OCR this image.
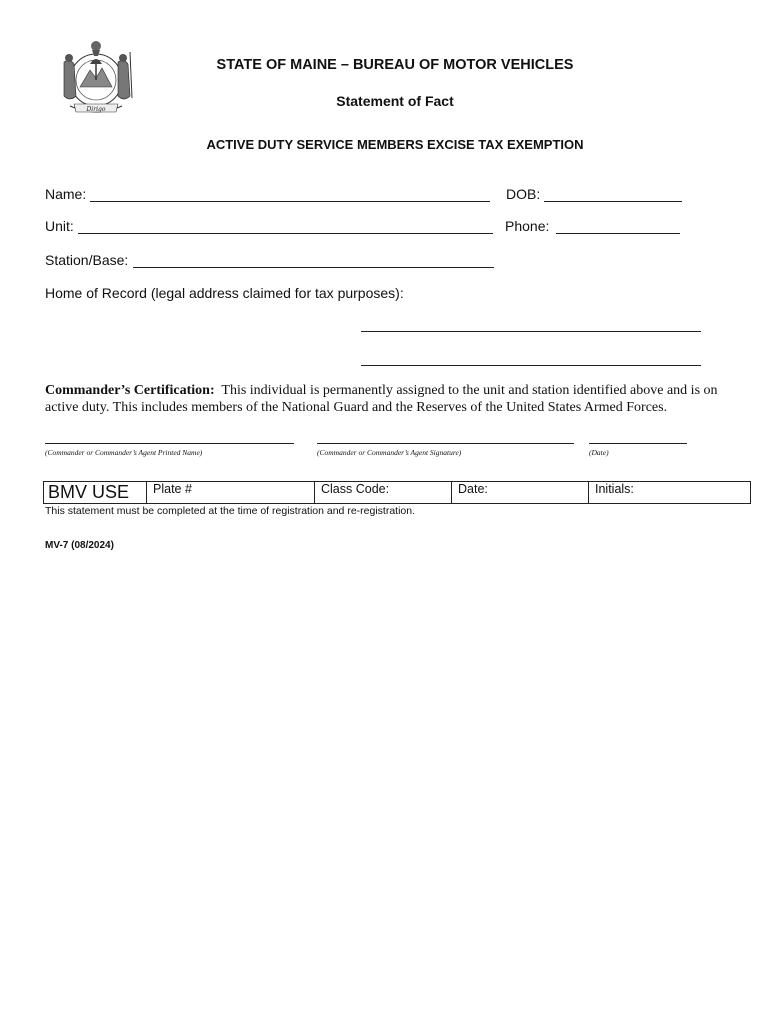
Dirigo
STATE OF MAINE – BUREAU OF MOTOR VEHICLES
Statement of Fact
ACTIVE DUTY SERVICE MEMBERS EXCISE TAX EXEMPTION
Name:	DOB:
Unit:	Phone:
Station/Base:
Home of Record (legal address claimed for tax purposes):
Commander’s Certification: This individual is permanently assigned to the unit and station identified above and is on active duty. This includes members of the National Guard and the Reserves of the United States Armed Forces.
(Commander or Commander’s Agent Printed Name)	(Commander or Commander’s Agent Signature)	(Date)
BMV USE	Plate #	Class Code:	Date:	Initials:
This statement must be completed at the time of registration and re-registration.
MV-7 (08/2024)
